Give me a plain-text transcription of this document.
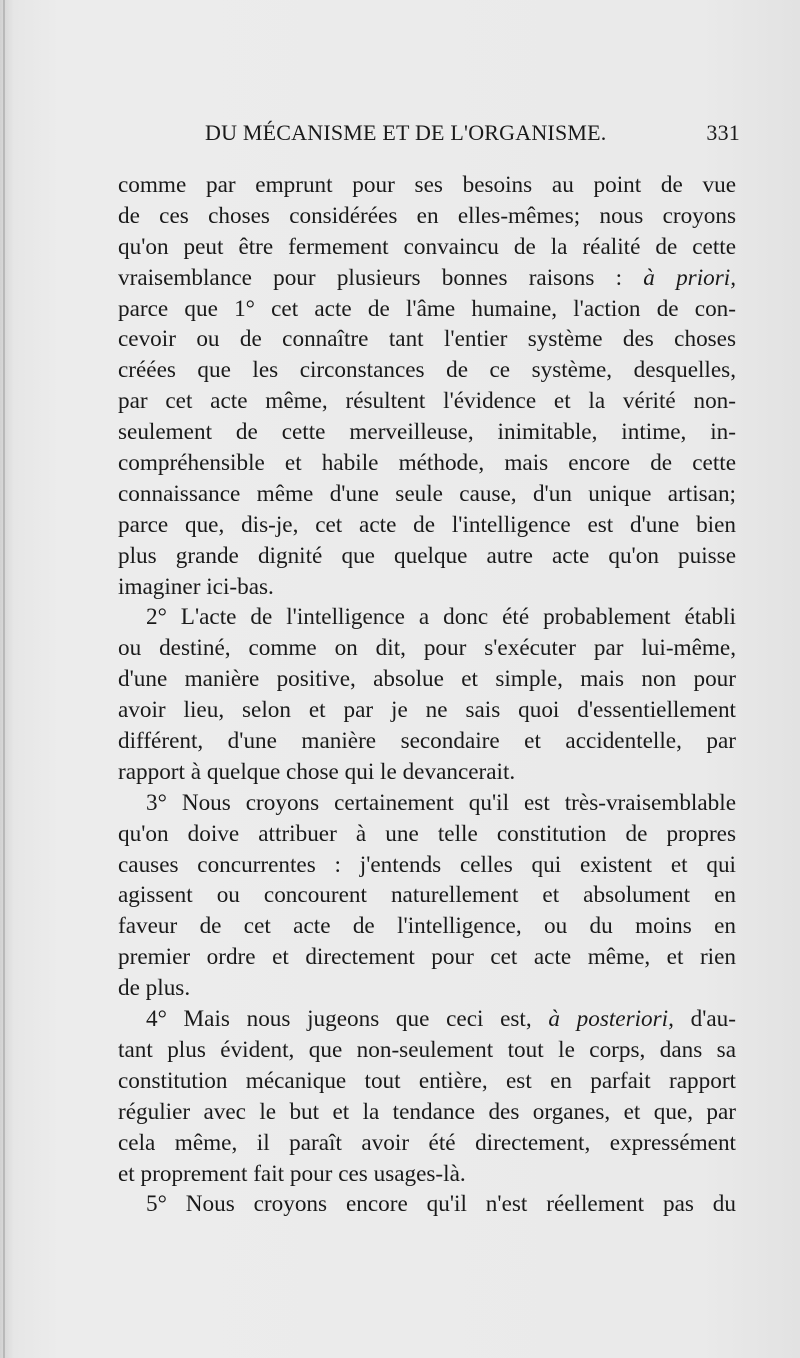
DU MÉCANISME ET DE L'ORGANISME.	331
comme par emprunt pour ses besoins au point de vue
de ces choses considérées en elles-mêmes; nous croyons
qu'on peut être fermement convaincu de la réalité de cette
vraisemblance pour plusieurs bonnes raisons : à priori,
parce que 1° cet acte de l'âme humaine, l'action de con-
cevoir ou de connaître tant l'entier système des choses
créées que les circonstances de ce système, desquelles,
par cet acte même, résultent l'évidence et la vérité non-
seulement de cette merveilleuse, inimitable, intime, in-
compréhensible et habile méthode, mais encore de cette
connaissance même d'une seule cause, d'un unique artisan;
parce que, dis-je, cet acte de l'intelligence est d'une bien
plus grande dignité que quelque autre acte qu'on puisse
imaginer ici-bas.
2° L'acte de l'intelligence a donc été probablement établi
ou destiné, comme on dit, pour s'exécuter par lui-même,
d'une manière positive, absolue et simple, mais non pour
avoir lieu, selon et par je ne sais quoi d'essentiellement
différent, d'une manière secondaire et accidentelle, par
rapport à quelque chose qui le devancerait.
3° Nous croyons certainement qu'il est très-vraisemblable
qu'on doive attribuer à une telle constitution de propres
causes concurrentes : j'entends celles qui existent et qui
agissent ou concourent naturellement et absolument en
faveur de cet acte de l'intelligence, ou du moins en
premier ordre et directement pour cet acte même, et rien
de plus.
4° Mais nous jugeons que ceci est, à posteriori, d'au-
tant plus évident, que non-seulement tout le corps, dans sa
constitution mécanique tout entière, est en parfait rapport
régulier avec le but et la tendance des organes, et que, par
cela même, il paraît avoir été directement, expressément
et proprement fait pour ces usages-là.
5° Nous croyons encore qu'il n'est réellement pas du
